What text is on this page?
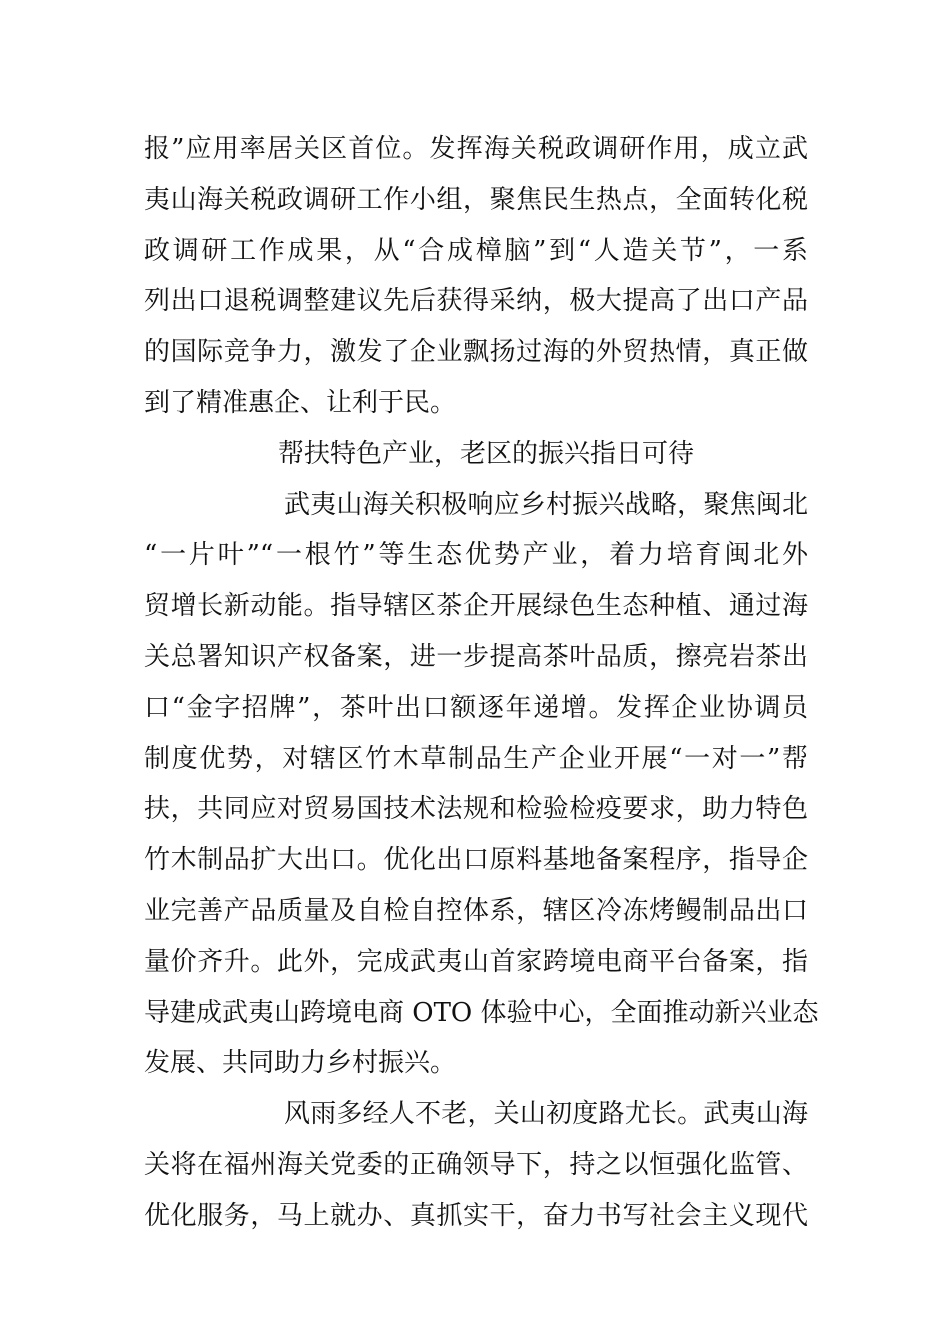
报”应用率居关区首位。发挥海关税政调研作用，成立武
夷山海关税政调研工作小组，聚焦民生热点，全面转化税
政调研工作成果，从“合成樟脑”到“人造关节”，一系
列出口退税调整建议先后获得采纳，极大提高了出口产品
的国际竞争力，激发了企业飘扬过海的外贸热情，真正做
到了精准惠企、让利于民。
帮扶特色产业，老区的振兴指日可待
武夷山海关积极响应乡村振兴战略，聚焦闽北
“一片叶”“一根竹”等生态优势产业，着力培育闽北外
贸增长新动能。指导辖区茶企开展绿色生态种植、通过海
关总署知识产权备案，进一步提高茶叶品质，擦亮岩茶出
口“金字招牌”，茶叶出口额逐年递增。发挥企业协调员
制度优势，对辖区竹木草制品生产企业开展“一对一”帮
扶，共同应对贸易国技术法规和检验检疫要求，助力特色
竹木制品扩大出口。优化出口原料基地备案程序，指导企
业完善产品质量及自检自控体系，辖区冷冻烤鳗制品出口
量价齐升。此外，完成武夷山首家跨境电商平台备案，指
导建成武夷山跨境电商 OTO 体验中心，全面推动新兴业态
发展、共同助力乡村振兴。
风雨多经人不老，关山初度路尤长。武夷山海
关将在福州海关党委的正确领导下，持之以恒强化监管、
优化服务，马上就办、真抓实干，奋力书写社会主义现代
